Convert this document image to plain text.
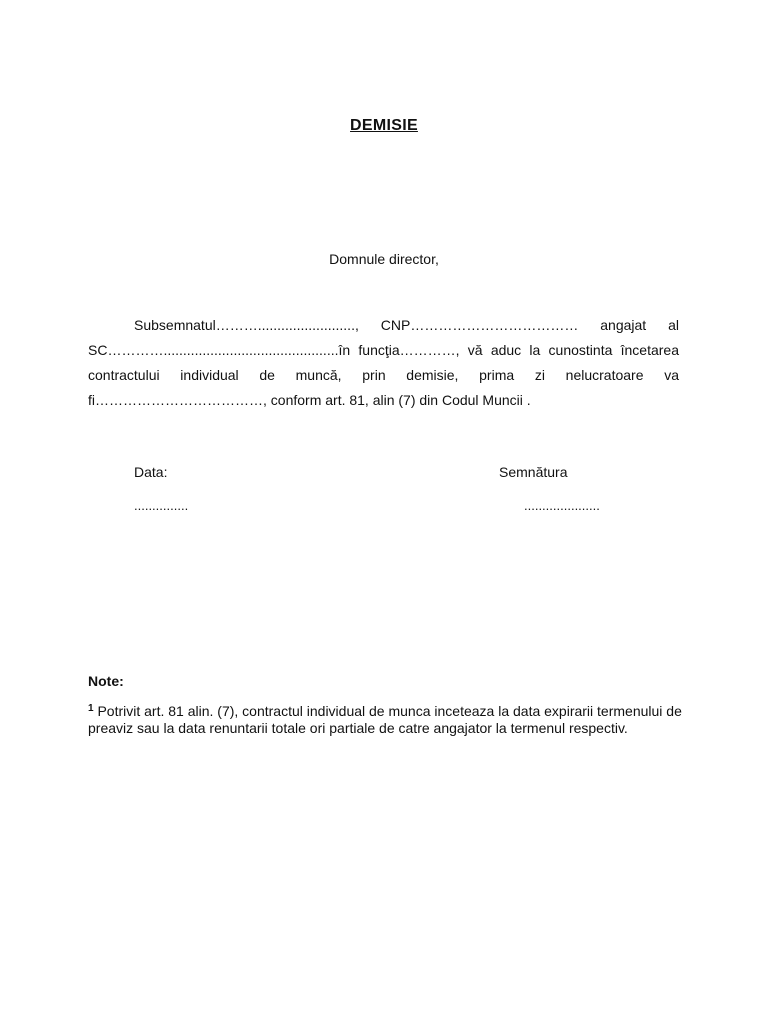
DEMISIE
Domnule director,

Subsemnatul………........................., CNP……………………………… angajat al SC………….............................................în funcţia…………, vă aduc la cunostinta încetarea contractului individual de muncă, prin demisie, prima zi nelucratoare va fi………………………………, conform art. 81, alin (7) din Codul Muncii .

Data:	Semnătura
...............	.....................
Note:

$^1$ Potrivit art. 81 alin. (7), contractul individual de munca inceteaza la data expirarii termenului de preaviz sau la data renuntarii totale ori partiale de catre angajator la termenul respectiv.
